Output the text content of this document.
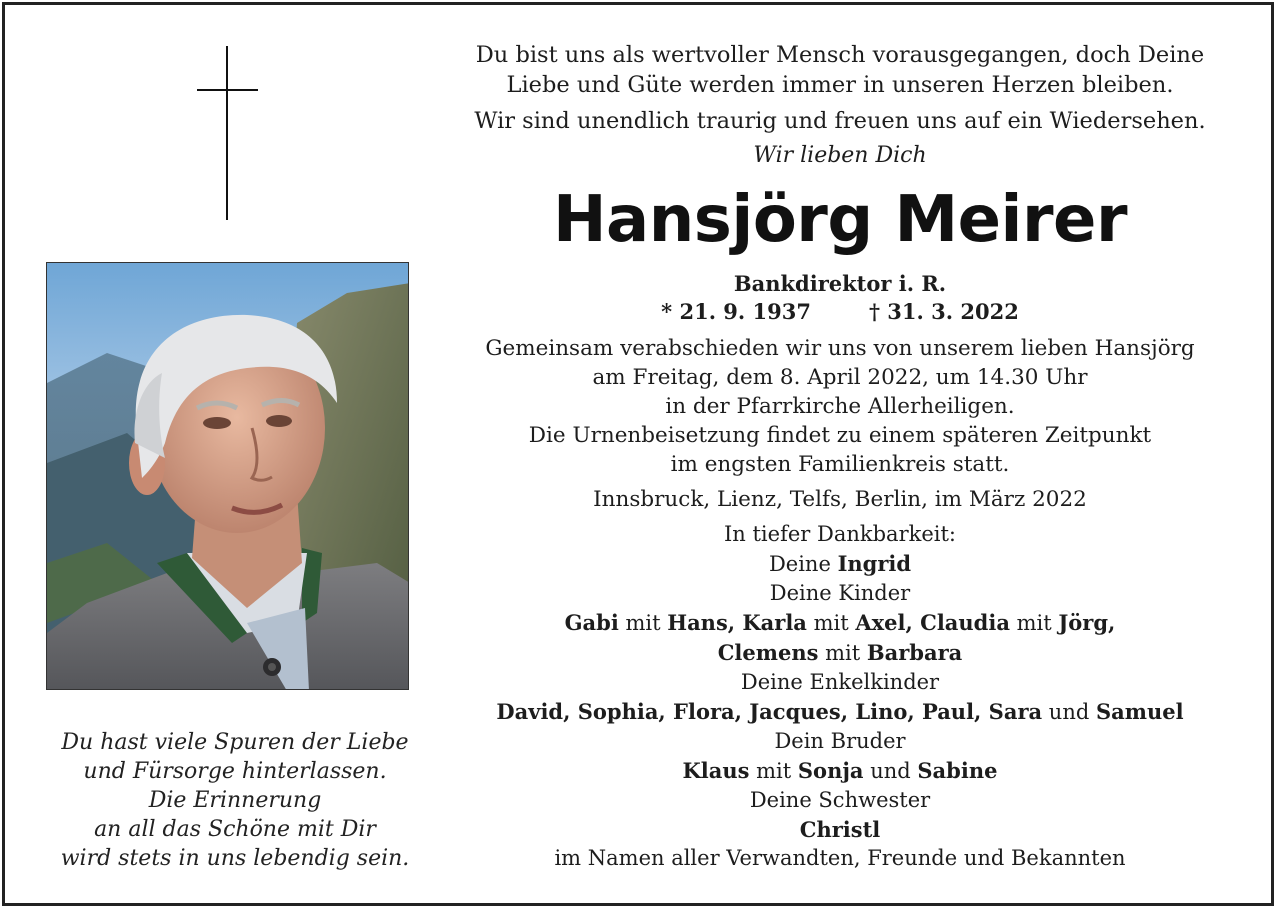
Du hast viele Spuren der Liebe
und Fürsorge hinterlassen.
Die Erinnerung
an all das Schöne mit Dir
wird stets in uns lebendig sein.
Du bist uns als wertvoller Mensch vorausgegangen, doch Deine
Liebe und Güte werden immer in unseren Herzen bleiben.
Wir sind unendlich traurig und freuen uns auf ein Wiedersehen.
Wir lieben Dich
Hansjörg Meirer
Bankdirektor i. R.
* 21. 9. 1937	† 31. 3. 2022
Gemeinsam verabschieden wir uns von unserem lieben Hansjörg
am Freitag, dem 8. April 2022, um 14.30 Uhr
in der Pfarrkirche Allerheiligen.
Die Urnenbeisetzung findet zu einem späteren Zeitpunkt
im engsten Familienkreis statt.
Innsbruck, Lienz, Telfs, Berlin, im März 2022
In tiefer Dankbarkeit:
Deine Ingrid
Deine Kinder
Gabi mit Hans, Karla mit Axel, Claudia mit Jörg,
Clemens mit Barbara
Deine Enkelkinder
David, Sophia, Flora, Jacques, Lino, Paul, Sara und Samuel
Dein Bruder
Klaus mit Sonja und Sabine
Deine Schwester
Christl
im Namen aller Verwandten, Freunde und Bekannten
